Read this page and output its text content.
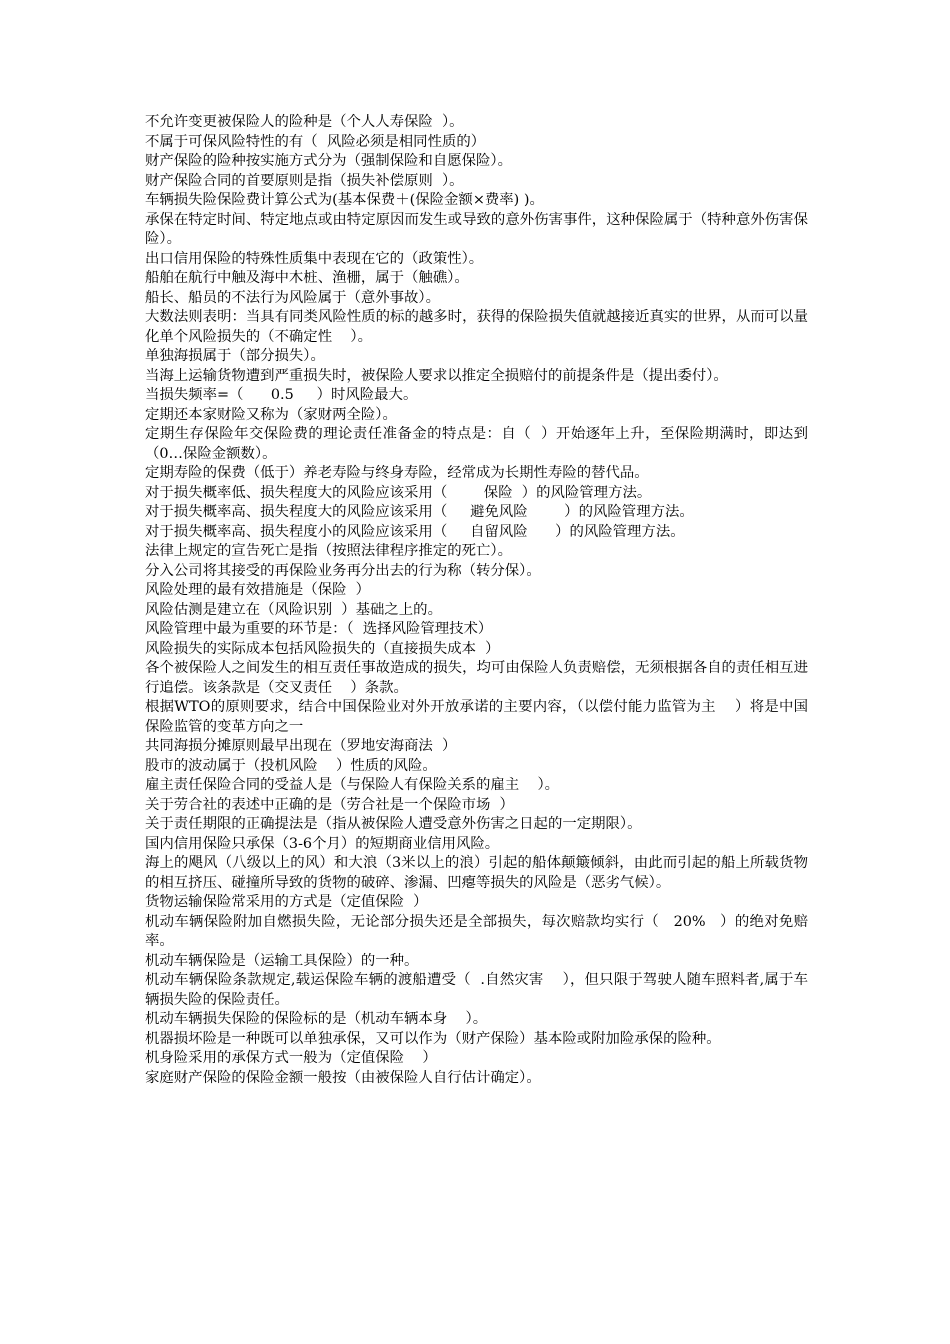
不允许变更被保险人的险种是（个人人寿保险  ）。

不属于可保风险特性的有（  风险必须是相同性质的）

财产保险的险种按实施方式分为（强制保险和自愿保险）。

财产保险合同的首要原则是指（损失补偿原则  ）。

车辆损失险保险费计算公式为(基本保费＋(保险金额×费率) )。

承保在特定时间、特定地点或由特定原因而发生或导致的意外伤害事件，这种保险属于（特种意外伤害保险）。

出口信用保险的特殊性质集中表现在它的（政策性）。

船舶在航行中触及海中木桩、渔栅，属于（触礁）。

船长、船员的不法行为风险属于（意外事故）。

大数法则表明：当具有同类风险性质的标的越多时，获得的保险损失值就越接近真实的世界，从而可以量化单个风险损失的（不确定性    ）。

单独海损属于（部分损失）。

当海上运输货物遭到严重损失时，被保险人要求以推定全损赔付的前提条件是（提出委付）。

当损失频率=（      0.5     ）时风险最大。

定期还本家财险又称为（家财两全险）。

定期生存保险年交保险费的理论责任准备金的特点是：自（  ）开始逐年上升，至保险期满时，即达到（0…保险金额数）。

定期寿险的保费（低于）养老寿险与终身寿险，经常成为长期性寿险的替代品。

对于损失概率低、损失程度大的风险应该采用（        保险  ）的风险管理方法。

对于损失概率高、损失程度大的风险应该采用（     避免风险        ）的风险管理方法。

对于损失概率高、损失程度小的风险应该采用（     自留风险      ）的风险管理方法。

法律上规定的宣告死亡是指（按照法律程序推定的死亡）。

分入公司将其接受的再保险业务再分出去的行为称（转分保）。

风险处理的最有效措施是（保险  ）

风险估测是建立在（风险识别  ）基础之上的。

风险管理中最为重要的环节是：（  选择风险管理技术）

风险损失的实际成本包括风险损失的（直接损失成本  ）

各个被保险人之间发生的相互责任事故造成的损失，均可由保险人负责赔偿，无须根据各自的责任相互进行追偿。该条款是（交叉责任    ）条款。

根据WTO的原则要求，结合中国保险业对外开放承诺的主要内容，（以偿付能力监管为主    ）将是中国保险监管的变革方向之一

共同海损分摊原则最早出现在（罗地安海商法  ）

股市的波动属于（投机风险    ）性质的风险。

雇主责任保险合同的受益人是（与保险人有保险关系的雇主    ）。

关于劳合社的表述中正确的是（劳合社是一个保险市场  ）

关于责任期限的正确提法是（指从被保险人遭受意外伤害之日起的一定期限）。

国内信用保险只承保（3-6个月）的短期商业信用风险。

海上的飓风（八级以上的风）和大浪（3米以上的浪）引起的船体颠簸倾斜，由此而引起的船上所载货物的相互挤压、碰撞所导致的货物的破碎、渗漏、凹瘪等损失的风险是（恶劣气候）。

货物运输保险常采用的方式是（定值保险  ）

机动车辆保险附加自燃损失险，无论部分损失还是全部损失，每次赔款均实行（   20%   ）的绝对免赔率。

机动车辆保险是（运输工具保险）的一种。

机动车辆保险条款规定,载运保险车辆的渡船遭受（  .自然灾害    ），但只限于驾驶人随车照料者,属于车辆损失险的保险责任。

机动车辆损失保险的保险标的是（机动车辆本身    ）。

机器损坏险是一种既可以单独承保，又可以作为（财产保险）基本险或附加险承保的险种。

机身险采用的承保方式一般为（定值保险    ）

家庭财产保险的保险金额一般按（由被保险人自行估计确定）。
